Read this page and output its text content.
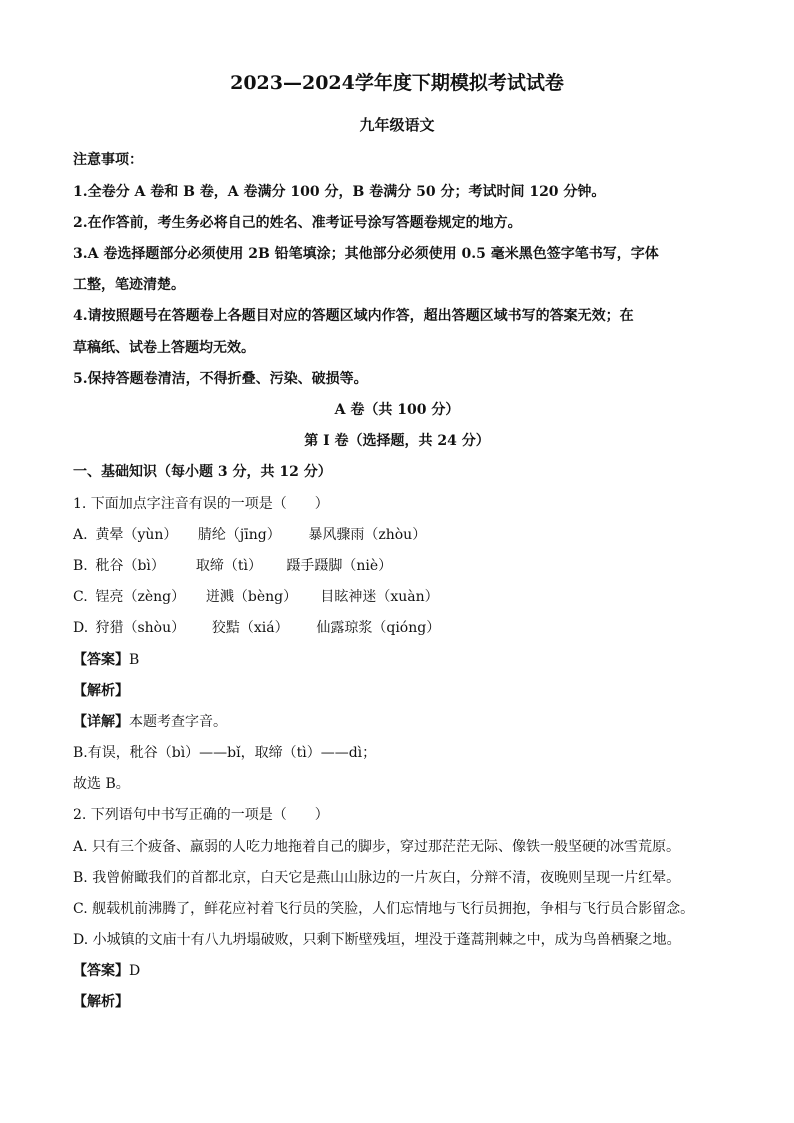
2023—2024学年度下期模拟考试试卷
九年级语文
注意事项：
1.全卷分 A 卷和 B 卷，A 卷满分 100 分，B 卷满分 50 分；考试时间 120 分钟。
2.在作答前，考生务必将自己的姓名、准考证号涂写答题卷规定的地方。
3.A 卷选择题部分必须使用 2B 铅笔填涂；其他部分必须使用 0.5 毫米黑色签字笔书写，字体
工整，笔迹清楚。
4.请按照题号在答题卷上各题目对应的答题区域内作答，超出答题区域书写的答案无效；在
草稿纸、试卷上答题均无效。
5.保持答题卷清洁，不得折叠、污染、破损等。
A 卷（共 100 分）
第 I 卷（选择题，共 24 分）
一、基础知识（每小题 3 分，共 12 分）
1. 下面加点字注音有误的一项是（　　）
A. 黄晕（yùn） 腈纶（jīng） 暴风骤雨（zhòu）
B. 秕谷（bì） 取缔（tì） 蹑手蹑脚（niè）
C. 锃亮（zèng） 迸溅（bèng） 目眩神迷（xuàn）
D. 狩猎（shòu） 狡黠（xiá） 仙露琼浆（qióng）
【答案】B
【解析】
【详解】本题考查字音。
B.有误，秕谷（bì）——bǐ，取缔（tì）——dì；
故选 B。
2. 下列语句中书写正确的一项是（　　）
A. 只有三个疲备、羸弱的人吃力地拖着自己的脚步，穿过那茫茫无际、像铁一般坚硬的冰雪荒原。
B. 我曾俯瞰我们的首都北京，白天它是燕山山脉边的一片灰白，分辩不清，夜晚则呈现一片红晕。
C. 舰载机前沸腾了，鲜花应衬着飞行员的笑脸，人们忘情地与飞行员拥抱，争相与飞行员合影留念。
D. 小城镇的文庙十有八九坍塌破败，只剩下断壁残垣，埋没于蓬蒿荆棘之中，成为鸟兽栖聚之地。
【答案】D
【解析】
